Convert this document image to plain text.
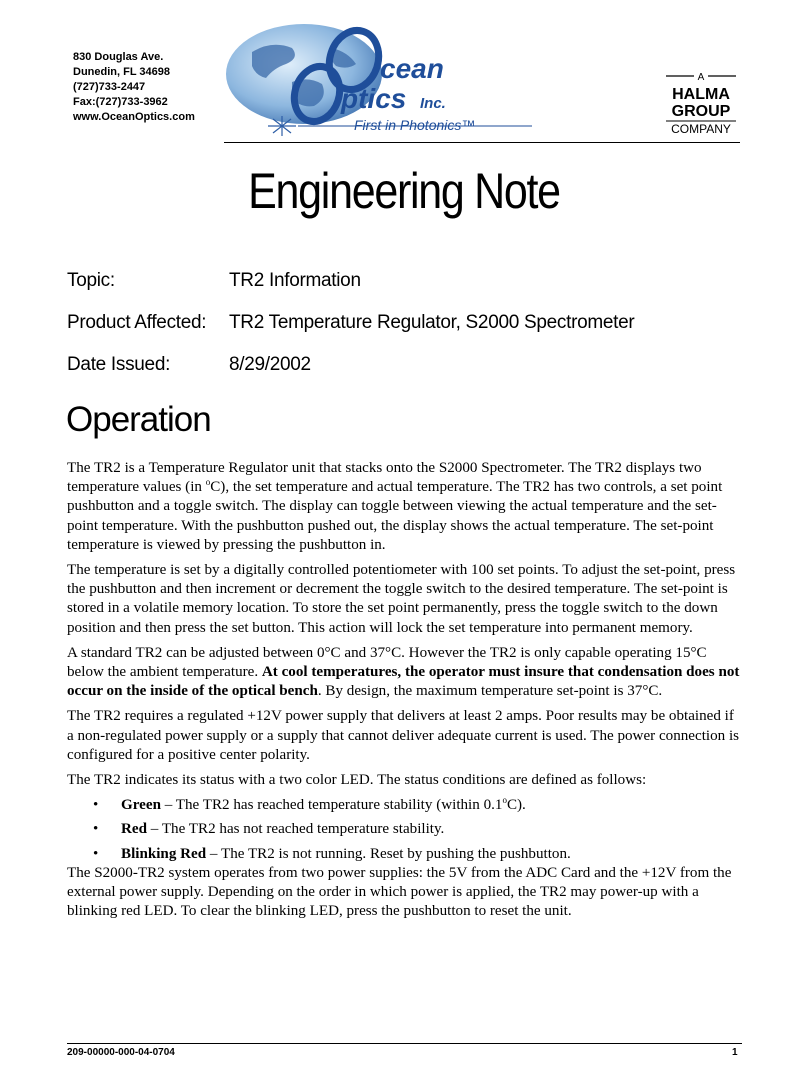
830 Douglas Ave.
Dunedin, FL 34698
(727)733-2447
Fax:(727)733-3962
www.OceanOptics.com
cean
ptics Inc.
First in Photonics™
A
HALMA
GROUP
COMPANY
Engineering Note
Topic:	TR2 Information
Product Affected: TR2 Temperature Regulator, S2000 Spectrometer
Date Issued:	8/29/2002
Operation

The TR2 is a Temperature Regulator unit that stacks onto the S2000 Spectrometer. The TR2 displays two temperature values (in $^o$C), the set temperature and actual temperature. The TR2 has two controls, a set point pushbutton and a toggle switch. The display can toggle between viewing the actual temperature and the set-point temperature. With the pushbutton pushed out, the display shows the actual temperature. The set-point temperature is viewed by pressing the pushbutton in.

The temperature is set by a digitally controlled potentiometer with 100 set points. To adjust the set-point, press the pushbutton and then increment or decrement the toggle switch to the desired temperature. The set-point is stored in a volatile memory location. To store the set point permanently, press the toggle switch to the down position and then press the set button. This action will lock the set temperature into permanent memory.

A standard TR2 can be adjusted between 0°C and 37°C. However the TR2 is only capable operating 15°C below the ambient temperature. At cool temperatures, the operator must insure that condensation does not occur on the inside of the optical bench. By design, the maximum temperature set-point is 37°C.

The TR2 requires a regulated +12V power supply that delivers at least 2 amps. Poor results may be obtained if a non-regulated power supply or a supply that cannot deliver adequate current is used. The power connection is configured for a positive center polarity.

The TR2 indicates its status with a two color LED. The status conditions are defined as follows:

• Green – The TR2 has reached temperature stability (within 0.1$^o$C).
• Red – The TR2 has not reached temperature stability.
• Blinking Red – The TR2 is not running. Reset by pushing the pushbutton.

The S2000-TR2 system operates from two power supplies: the 5V from the ADC Card and the +12V from the external power supply. Depending on the order in which power is applied, the TR2 may power-up with a blinking red LED. To clear the blinking LED, press the pushbutton to reset the unit.

209-00000-000-04-0704	1
